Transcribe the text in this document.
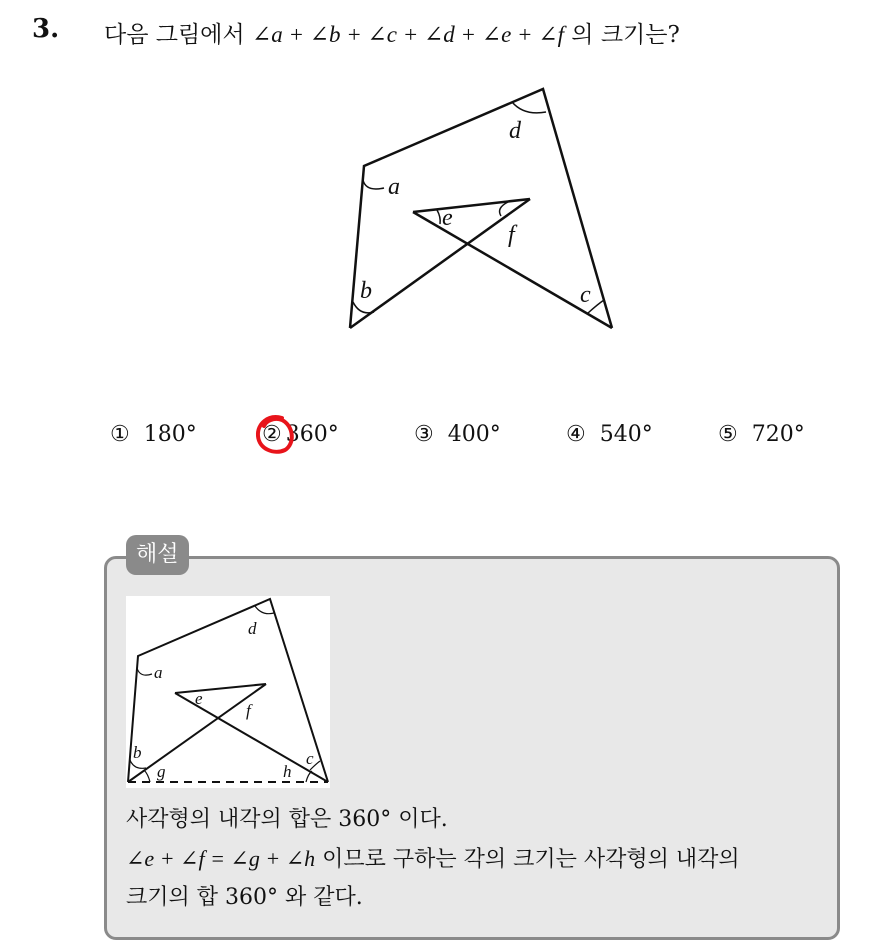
3. 다음 그림에서 ∠a + ∠b + ∠c + ∠d + ∠e + ∠f 의 크기는?
a
b	c
d
e
f
① 180°	② 360°	③ 400°	④ 540°	⑤ 720°
해설
a
b	c
d
e
f
g	h
사각형의 내각의 합은 360° 이다.
∠e + ∠f = ∠g + ∠h 이므로 구하는 각의 크기는 사각형의 내각의
크기의 합 360° 와 같다.
